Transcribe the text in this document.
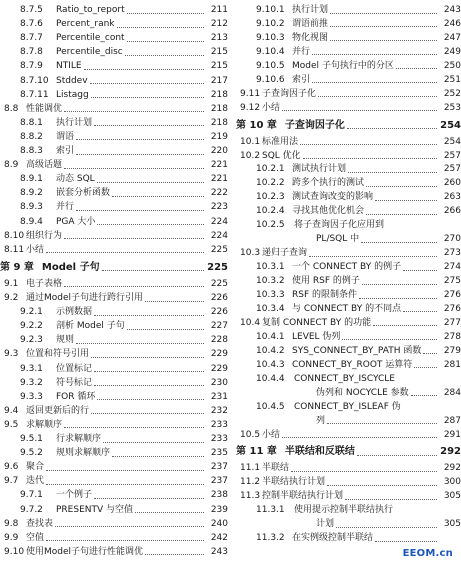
8.7.5	Ratio_to_report	211
8.7.6	Percent_rank	212
8.7.7	Percentile_cont	213
8.7.8	Percentile_disc	215
8.7.9	NTILE	215
8.7.10 Stddev	217
8.7.11 Listagg	218
8.8 性能调优	218
8.8.1	执行计划	218
8.8.2	谓语	219
8.8.3	索引	220
8.9 高级话题	221
8.9.1	动态 SQL	221
8.9.2	嵌套分析函数	222
8.9.3	并行	223
8.9.4	PGA 大小	224
8.10 组织行为	224
8.11 小结	225
第 9 章 Model 子句	225
9.1 电子表格	225
9.2 通过Model子句进行跨行引用	226
9.2.1	示例数据	226
9.2.2	剖析 Model 子句	227
9.2.3	规则	228
9.3 位置和符号引用	229
9.3.1	位置标记	229
9.3.2	符号标记	230
9.3.3	FOR 循环	231
9.4 返回更新后的行	232
9.5 求解顺序	233
9.5.1	行求解顺序	233
9.5.2	规则求解顺序	235
9.6 聚合	237
9.7 迭代	237
9.7.1	一个例子	238
9.7.2	PRESENTV 与空值	239
9.8 查找表	240
9.9 空值	242
9.10 使用Model子句进行性能调优	243
9.10.1 执行计划	243
9.10.2 谓语前推	246
9.10.3 物化视图	247
9.10.4 并行	249
9.10.5 Model 子句执行中的分区	250
9.10.6 索引	251
9.11 子查询因子化	252
9.12 小结	253
第 10 章 子查询因子化	254
10.1 标准用法	254
10.2 SQL 优化	257
10.2.1 测试执行计划	257
10.2.2 跨多个执行的测试	260
10.2.3 测试查询改变的影响	263
10.2.4 寻找其他优化机会	266
10.2.5	将子查询因子化应用到
PL/SQL 中	270
10.3 递归子查询	273
10.3.1 一个 CONNECT BY 的例子	274
10.3.2 使用 RSF 的例子	275
10.3.3 RSF 的限制条件	276
10.3.4 与 CONNECT BY 的不同点	276
10.4 复制 CONNECT BY 的功能	277
10.4.1 LEVEL 伪列	278
10.4.2 SYS_CONNECT_BY_PATH 函数	279
10.4.3 CONNECT_BY_ROOT 运算符	281
10.4.4	CONNECT_BY_ISCYCLE
伪列和 NOCYCLE 参数	284
10.4.5	CONNECT_BY_ISLEAF 伪
列	287
10.5 小结	291
第 11 章 半联结和反联结	292
11.1 半联结	292
11.2 半联结执行计划	300
11.3 控制半联结执行计划	305
11.3.1	使用提示控制半联结执行
计划	305
11.3.2 在实例级控制半联结
EEOM.cn
